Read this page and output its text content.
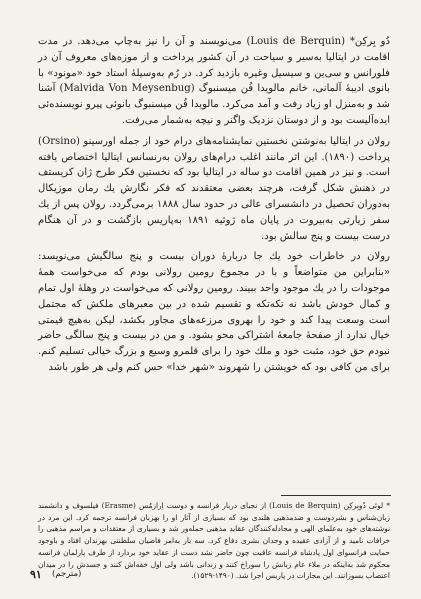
دُو بِرکِن* (Louis de Berquin) می‌نویسند و آن را نیز به‌چاپ می‌دهد. در مدت اقامت در ایتالیا به‌سیر و سیاحت در آن کشور پرداخت و از موزه‌های معروف آن در فلورانس و سی‌ین و سیسیل وغیره بازدید کرد. در رُم به‌وسیلهٔ استاد خود «مونود» با بانوی ادیبهٔ آلمانی، خانم مالویدا فُن میسنبوگ (Malvida Von Meysenbug) آشنا شد و به‌منزل او زیاد رفت و آمد می‌کرد. مالویدا فُن میسنبوگ بانوئی پیرو نویسنده‌ئی ایده‌آلیست بود و از دوستان نزدیک واگنر و نیچه به‌شمار می‌رفت.

رولان در ایتالیا به‌نوشتن نخستین نمایشنامه‌های درام خود از جمله اورسینو (Orsino) پرداخت (۱۸۹۰). این اثر مانند اغلب درام‌های رولان به‌رنسانس ایتالیا اختصاص یافته است. و نیز در همین اقامت دو ساله در ایتالیا بود که نخستین فکر طرح ژان کریستف در ذهنش شکل گرفت، هرچند بعضی معتقدند که فکر نگارش یك رمان موزیکال به‌دوران تحصیل در دانشسرای عالی در حدود سال ۱۸۸۸ برمی‌گردد. رولان پس از یك سفر زیارتی به‌بیروت در پایان ماه ژوئیه ۱۸۹۱ به‌پاریس بازگشت و در آن هنگام درست بیست و پنج سالش بود.

رولان در خاطرات خود یك جا دربارهٔ دوران بیست و پنج سالگیش می‌نویسد: «بنابراین من متواضعاً و با در مجموع رومین رولانی بودم که می‌خواست همهٔ موجودات را در یك موجود واحد ببیند. رومین رولانی که می‌خواست در وهلهٔ اول تمام و کمال خودش باشد نه تکه‌تکه و تقسیم شده در بین معبرهای ملکش که مجتمل است وسعت پیدا کند و خود را بهروی مرزعه‌های مجاور بکشد، لیکن به‌هیچ قیمتی خیال ندارد از صفحهٔ جامعهٔ اشتراکی محو بشود. و من در بیست و پنج سالگی حاضر نبودم حق خود، مثبت خود و ملك خود را برای قلمرو وسیع و بزرگ خیالی تسلیم کنم. برای من کافی بود که خویشتن را شهروند «شهر خدا» حس کنم ولی هر طور باشد

* لوئی دُوبِرکِن (Louis de Berquin) از نجبای دربار فرانسه و دوست اِرازمُس (Erasme) فیلسوف و دانشمند زبان‌شناس و بشردوست و ضدمذهبی هلندی بود که بسیاری از آثار او را بهزبان فرانسه ترجمه کرد. این مرد در نوشته‌های خود به‌علمای الهی و مجادله‌کنندگان عقاید مذهبی حمله‌ور شد و بسیاری از معتقدات و مراسم مذهبی را خرافات نامید و از آزادی عقیده و وجدان بشری دفاع کرد. سه بار به‌امر فاضیان سلطنتی بهزندان افتاد و باوجود حمایت فرانسوای اول پادشاه فرانسه عاقبت چون حاضر نشد دست از عقاید خود بردارد از طرف پارلمان فرانسه محکوم شد به‌اینکه در ملاء عام زبانش را سوراخ کنند و زندانی باشد ولی اول خفه‌اش کنند و جسدش را در میدان اعتصاب بسوزانند. این مجازات در پاریس اجرا شد. (۱۴۹۰-۱۵۲۹).

۹۱ (مترجم)
